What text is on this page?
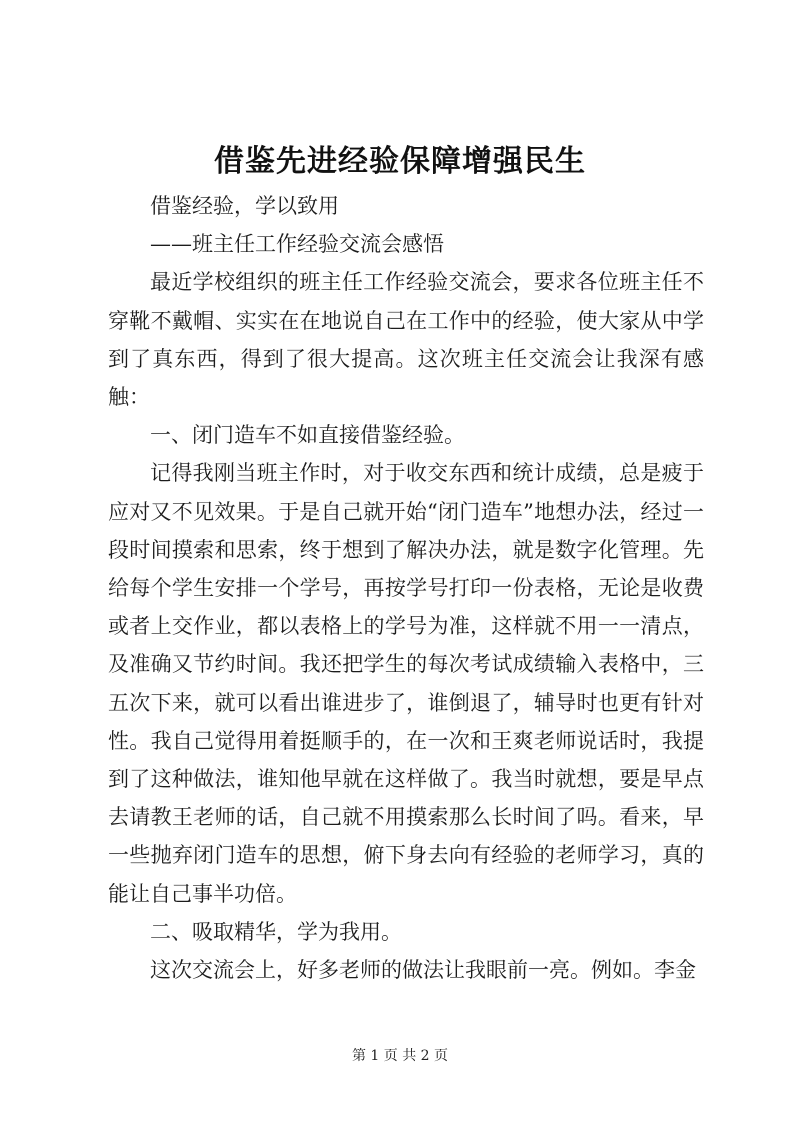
借鉴先进经验保障增强民生

借鉴经验，学以致用

——班主任工作经验交流会感悟

最近学校组织的班主任工作经验交流会，要求各位班主任不穿靴不戴帽、实实在在地说自己在工作中的经验，使大家从中学到了真东西，得到了很大提高。这次班主任交流会让我深有感触：

一、闭门造车不如直接借鉴经验。

记得我刚当班主作时，对于收交东西和统计成绩，总是疲于应对又不见效果。于是自己就开始“闭门造车”地想办法，经过一段时间摸索和思索，终于想到了解决办法，就是数字化管理。先给每个学生安排一个学号，再按学号打印一份表格，无论是收费或者上交作业，都以表格上的学号为准，这样就不用一一清点，及准确又节约时间。我还把学生的每次考试成绩输入表格中，三五次下来，就可以看出谁进步了，谁倒退了，辅导时也更有针对性。我自己觉得用着挺顺手的，在一次和王爽老师说话时，我提到了这种做法，谁知他早就在这样做了。我当时就想，要是早点去请教王老师的话，自己就不用摸索那么长时间了吗。看来，早一些抛弃闭门造车的思想，俯下身去向有经验的老师学习，真的能让自己事半功倍。

二、吸取精华，学为我用。

这次交流会上，好多老师的做法让我眼前一亮。例如。李金

第 1 页 共 2 页
